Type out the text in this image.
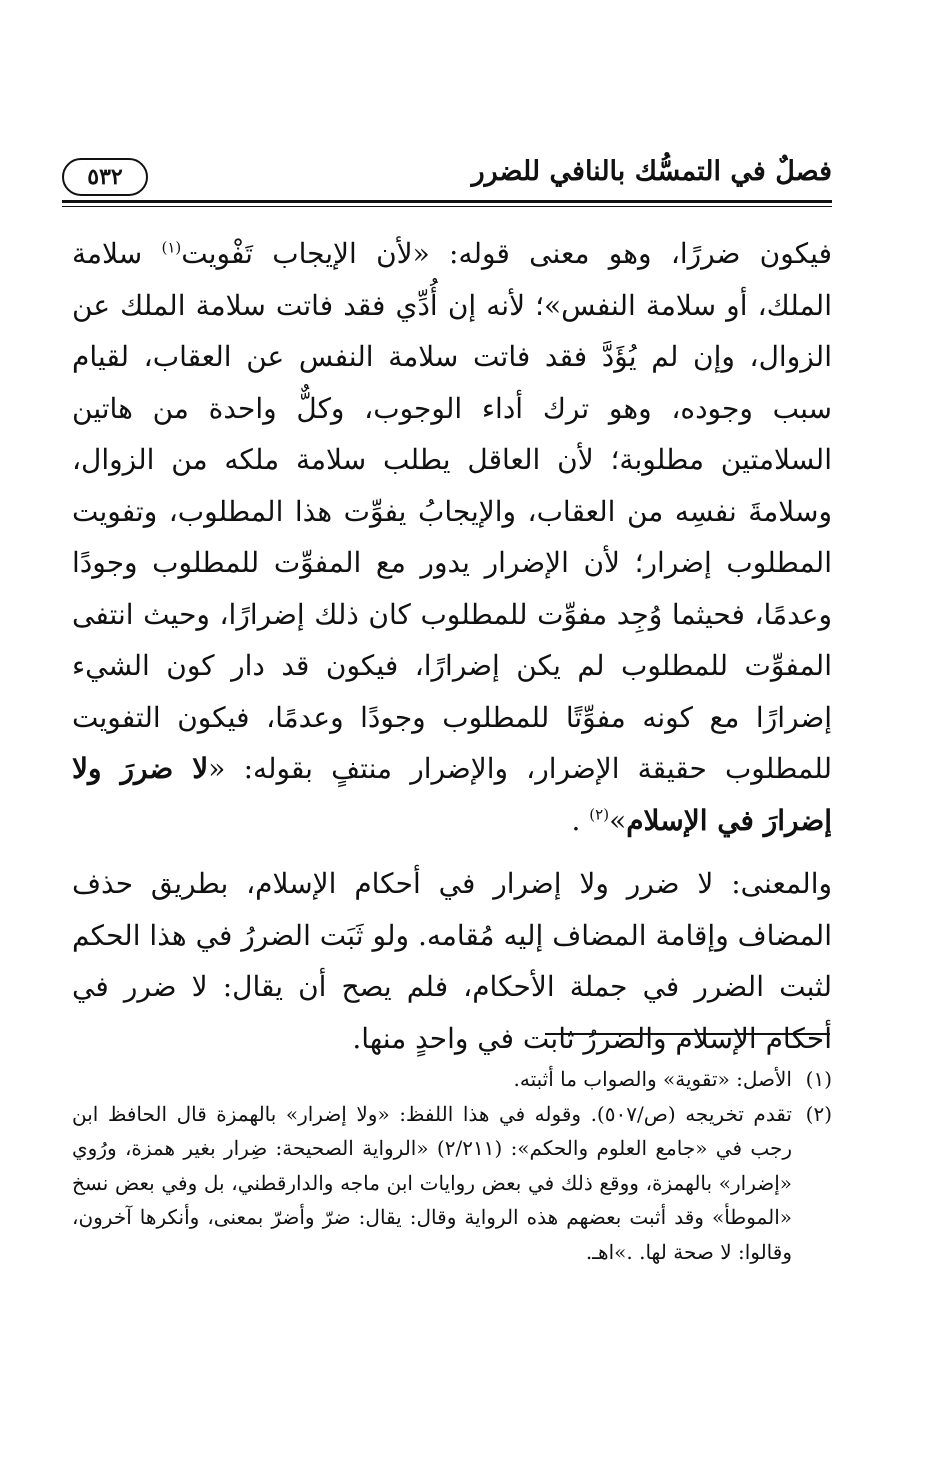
٥٣٢	فصلٌ في التمسُّك بالنافي للضرر

فيكون ضررًا، وهو معنى قوله: «لأن الإيجاب تَفْويت$^{(١)}$ سلامة الملك، أو سلامة النفس»؛ لأنه إن أُدِّي فقد فاتت سلامة الملك عن الزوال، وإن لم يُؤَدَّ فقد فاتت سلامة النفس عن العقاب، لقيام سبب وجوده، وهو ترك أداء الوجوب، وكلٌّ واحدة من هاتين السلامتين مطلوبة؛ لأن العاقل يطلب سلامة ملكه من الزوال، وسلامةَ نفسِه من العقاب، والإيجابُ يفوِّت هذا المطلوب، وتفويت المطلوب إضرار؛ لأن الإضرار يدور مع المفوِّت للمطلوب وجودًا وعدمًا، فحيثما وُجِد مفوِّت للمطلوب كان ذلك إضرارًا، وحيث انتفى المفوِّت للمطلوب لم يكن إضرارًا، فيكون قد دار كون الشيء إضرارًا مع كونه مفوِّتًا للمطلوب وجودًا وعدمًا، فيكون التفويت للمطلوب حقيقة الإضرار، والإضرار منتفٍ بقوله: «لا ضررَ ولا إضرارَ في الإسلام»$^{(٢)}$ .

والمعنى: لا ضرر ولا إضرار في أحكام الإسلام، بطريق حذف المضاف وإقامة المضاف إليه مُقامه. ولو ثَبَت الضررُ في هذا الحكم لثبت الضرر في جملة الأحكام، فلم يصح أن يقال: لا ضرر في أحكام الإسلام والضررُ ثابت في واحدٍ منها.

(١)
الأصل: «تقوية» والصواب ما أثبته.
(٢)
تقدم تخريجه (ص/٥٠٧). وقوله في هذا اللفظ: «ولا إضرار» بالهمزة قال الحافظ ابن رجب في «جامع العلوم والحكم»: (٢/٢١١) «الرواية الصحيحة: ضِرار بغير همزة، ورُوي «إضرار» بالهمزة، ووقع ذلك في بعض روايات ابن ماجه والدارقطني، بل وفي بعض نسخ «الموطأ» وقد أثبت بعضهم هذه الرواية وقال: يقال: ضرّ وأضرّ بمعنى، وأنكرها آخرون، وقالوا: لا صحة لها. .»اهـ.
